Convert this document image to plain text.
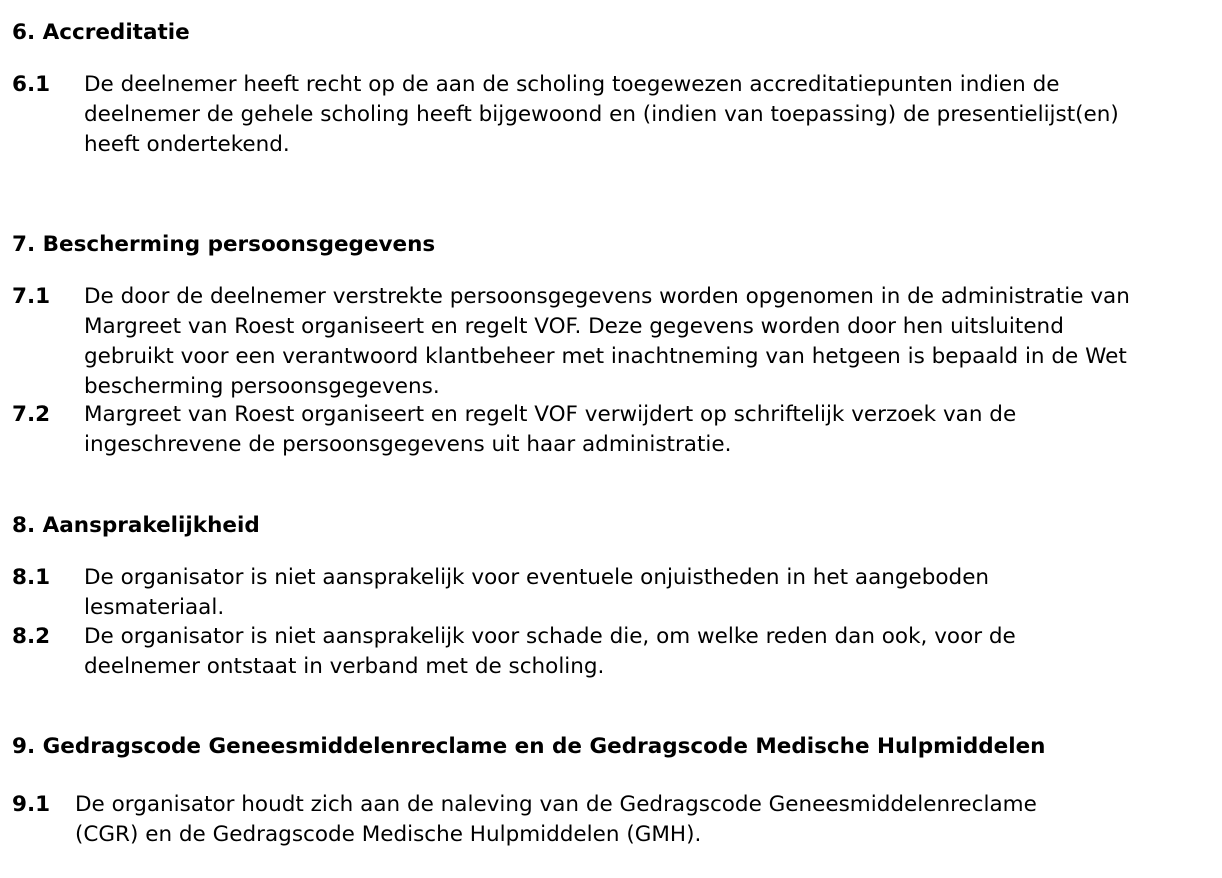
6. Accreditatie
6.1 De deelnemer heeft recht op de aan de scholing toegewezen accreditatiepunten indien de
deelnemer de gehele scholing heeft bijgewoond en (indien van toepassing) de presentielijst(en)
heeft ondertekend.

7. Bescherming persoonsgegevens
7.1 De door de deelnemer verstrekte persoonsgegevens worden opgenomen in de administratie van
Margreet van Roest organiseert en regelt VOF. Deze gegevens worden door hen uitsluitend
gebruikt voor een verantwoord klantbeheer met inachtneming van hetgeen is bepaald in de Wet
bescherming persoonsgegevens.

7.2 Margreet van Roest organiseert en regelt VOF verwijdert op schriftelijk verzoek van de
ingeschrevene de persoonsgegevens uit haar administratie.

8. Aansprakelijkheid
8.1 De organisator is niet aansprakelijk voor eventuele onjuistheden in het aangeboden
lesmateriaal.

8.2 De organisator is niet aansprakelijk voor schade die, om welke reden dan ook, voor de
deelnemer ontstaat in verband met de scholing.

9. Gedragscode Geneesmiddelenreclame en de Gedragscode Medische Hulpmiddelen
9.1 De organisator houdt zich aan de naleving van de Gedragscode Geneesmiddelenreclame
(CGR) en de Gedragscode Medische Hulpmiddelen (GMH).
